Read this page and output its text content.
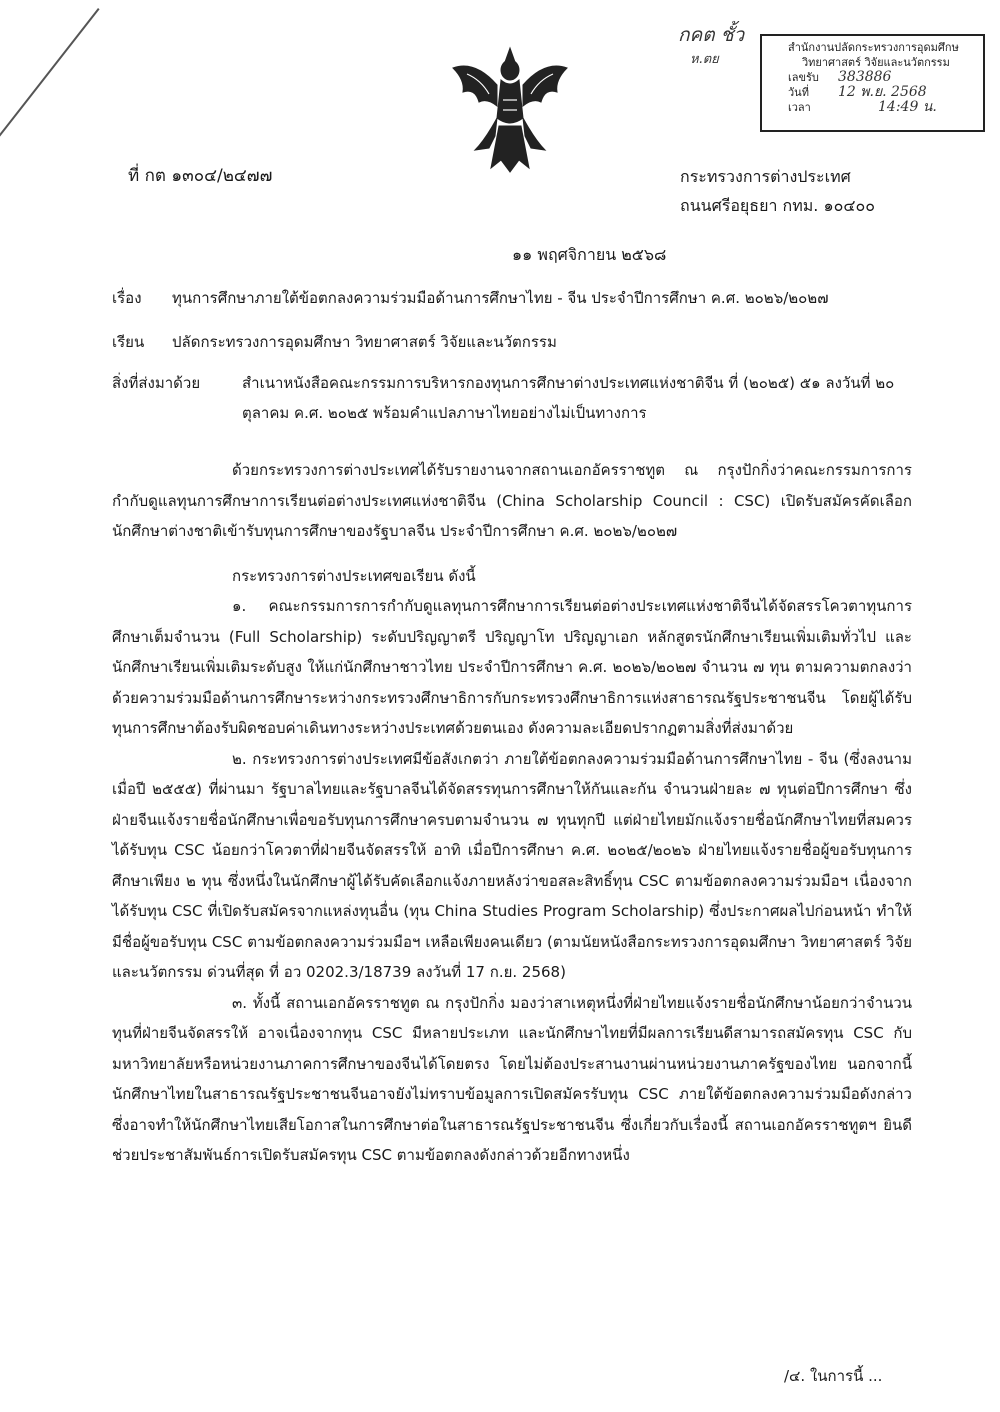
กคต ชั้ว
ห.ตย
สำนักงานปลัดกระทรวงการอุดมศึกษ
วิทยาศาสตร์ วิจัยและนวัตกรรม
เลขรับ	383886
วันที่	12 พ.ย. 2568
เวลา	14:49 น.
ที่ กต ๑๓๐๔/๒๔๗๗	กระทรวงการต่างประเทศ
ถนนศรีอยุธยา กทม. ๑๐๔๐๐
๑๑ พฤศจิกายน ๒๕๖๘
เรื่อง ทุนการศึกษาภายใต้ข้อตกลงความร่วมมือด้านการศึกษาไทย - จีน ประจำปีการศึกษา ค.ศ. ๒๐๒๖/๒๐๒๗
เรียน ปลัดกระทรวงการอุดมศึกษา วิทยาศาสตร์ วิจัยและนวัตกรรม
สิ่งที่ส่งมาด้วย	สำเนาหนังสือคณะกรรมการบริหารกองทุนการศึกษาต่างประเทศแห่งชาติจีน ที่ (๒๐๒๕) ๕๑ ลงวันที่ ๒๐ ตุลาคม ค.ศ. ๒๐๒๕ พร้อมคำแปลภาษาไทยอย่างไม่เป็นทางการ

ด้วยกระทรวงการต่างประเทศได้รับรายงานจากสถานเอกอัครราชทูต ณ กรุงปักกิ่งว่าคณะกรรมการการกำกับดูแลทุนการศึกษาการเรียนต่อต่างประเทศแห่งชาติจีน (China Scholarship Council : CSC) เปิดรับสมัครคัดเลือกนักศึกษาต่างชาติเข้ารับทุนการศึกษาของรัฐบาลจีน ประจำปีการศึกษา ค.ศ. ๒๐๒๖/๒๐๒๗

กระทรวงการต่างประเทศขอเรียน ดังนี้

๑. คณะกรรมการการกำกับดูแลทุนการศึกษาการเรียนต่อต่างประเทศแห่งชาติจีนได้จัดสรรโควตาทุนการศึกษาเต็มจำนวน (Full Scholarship) ระดับปริญญาตรี ปริญญาโท ปริญญาเอก หลักสูตรนักศึกษาเรียนเพิ่มเติมทั่วไป และนักศึกษาเรียนเพิ่มเติมระดับสูง ให้แก่นักศึกษาชาวไทย ประจำปีการศึกษา ค.ศ. ๒๐๒๖/๒๐๒๗ จำนวน ๗ ทุน ตามความตกลงว่าด้วยความร่วมมือด้านการศึกษาระหว่างกระทรวงศึกษาธิการกับกระทรวงศึกษาธิการแห่งสาธารณรัฐประชาชนจีน โดยผู้ได้รับทุนการศึกษาต้องรับผิดชอบค่าเดินทางระหว่างประเทศด้วยตนเอง ดังความละเอียดปรากฏตามสิ่งที่ส่งมาด้วย

๒. กระทรวงการต่างประเทศมีข้อสังเกตว่า ภายใต้ข้อตกลงความร่วมมือด้านการศึกษาไทย - จีน (ซึ่งลงนามเมื่อปี ๒๕๕๕) ที่ผ่านมา รัฐบาลไทยและรัฐบาลจีนได้จัดสรรทุนการศึกษาให้กันและกัน จำนวนฝ่ายละ ๗ ทุนต่อปีการศึกษา ซึ่งฝ่ายจีนแจ้งรายชื่อนักศึกษาเพื่อขอรับทุนการศึกษาครบตามจำนวน ๗ ทุนทุกปี แต่ฝ่ายไทยมักแจ้งรายชื่อนักศึกษาไทยที่สมควรได้รับทุน CSC น้อยกว่าโควตาที่ฝ่ายจีนจัดสรรให้ อาทิ เมื่อปีการศึกษา ค.ศ. ๒๐๒๕/๒๐๒๖ ฝ่ายไทยแจ้งรายชื่อผู้ขอรับทุนการศึกษาเพียง ๒ ทุน ซึ่งหนึ่งในนักศึกษาผู้ได้รับคัดเลือกแจ้งภายหลังว่าขอสละสิทธิ์ทุน CSC ตามข้อตกลงความร่วมมือฯ เนื่องจากได้รับทุน CSC ที่เปิดรับสมัครจากแหล่งทุนอื่น (ทุน China Studies Program Scholarship) ซึ่งประกาศผลไปก่อนหน้า ทำให้มีชื่อผู้ขอรับทุน CSC ตามข้อตกลงความร่วมมือฯ เหลือเพียงคนเดียว (ตามนัยหนังสือกระทรวงการอุดมศึกษา วิทยาศาสตร์ วิจัยและนวัตกรรม ด่วนที่สุด ที่ อว 0202.3/18739 ลงวันที่ 17 ก.ย. 2568)

๓. ทั้งนี้ สถานเอกอัครราชทูต ณ กรุงปักกิ่ง มองว่าสาเหตุหนึ่งที่ฝ่ายไทยแจ้งรายชื่อนักศึกษาน้อยกว่าจำนวนทุนที่ฝ่ายจีนจัดสรรให้ อาจเนื่องจากทุน CSC มีหลายประเภท และนักศึกษาไทยที่มีผลการเรียนดีสามารถสมัครทุน CSC กับมหาวิทยาลัยหรือหน่วยงานภาคการศึกษาของจีนได้โดยตรง โดยไม่ต้องประสานงานผ่านหน่วยงานภาครัฐของไทย นอกจากนี้ นักศึกษาไทยในสาธารณรัฐประชาชนจีนอาจยังไม่ทราบข้อมูลการเปิดสมัครรับทุน CSC ภายใต้ข้อตกลงความร่วมมือดังกล่าว ซึ่งอาจทำให้นักศึกษาไทยเสียโอกาสในการศึกษาต่อในสาธารณรัฐประชาชนจีน ซึ่งเกี่ยวกับเรื่องนี้ สถานเอกอัครราชทูตฯ ยินดีช่วยประชาสัมพันธ์การเปิดรับสมัครทุน CSC ตามข้อตกลงดังกล่าวด้วยอีกทางหนึ่ง

/๔. ในการนี้ ...
